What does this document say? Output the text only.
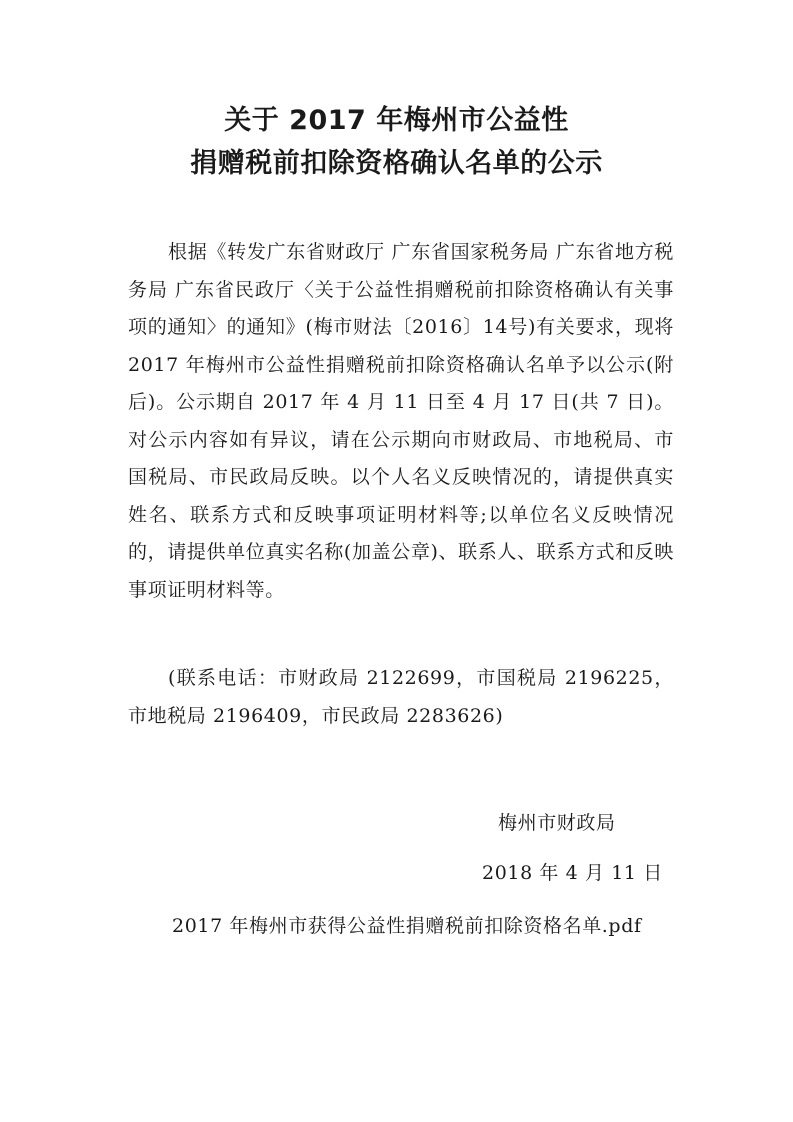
关于 2017 年梅州市公益性
捐赠税前扣除资格确认名单的公示

根据《转发广东省财政厅 广东省国家税务局 广东省地方税务局 广东省民政厅〈关于公益性捐赠税前扣除资格确认有关事项的通知〉的通知》(梅市财法〔2016〕14号)有关要求，现将 2017 年梅州市公益性捐赠税前扣除资格确认名单予以公示(附后)。公示期自 2017 年 4 月 11 日至 4 月 17 日(共 7 日)。对公示内容如有异议，请在公示期向市财政局、市地税局、市国税局、市民政局反映。以个人名义反映情况的，请提供真实姓名、联系方式和反映事项证明材料等;以单位名义反映情况的，请提供单位真实名称(加盖公章)、联系人、联系方式和反映事项证明材料等。

(联系电话：市财政局 2122699，市国税局 2196225，市地税局 2196409，市民政局 2283626)

梅州市财政局

2018 年 4 月 11 日

2017 年梅州市获得公益性捐赠税前扣除资格名单.pdf
